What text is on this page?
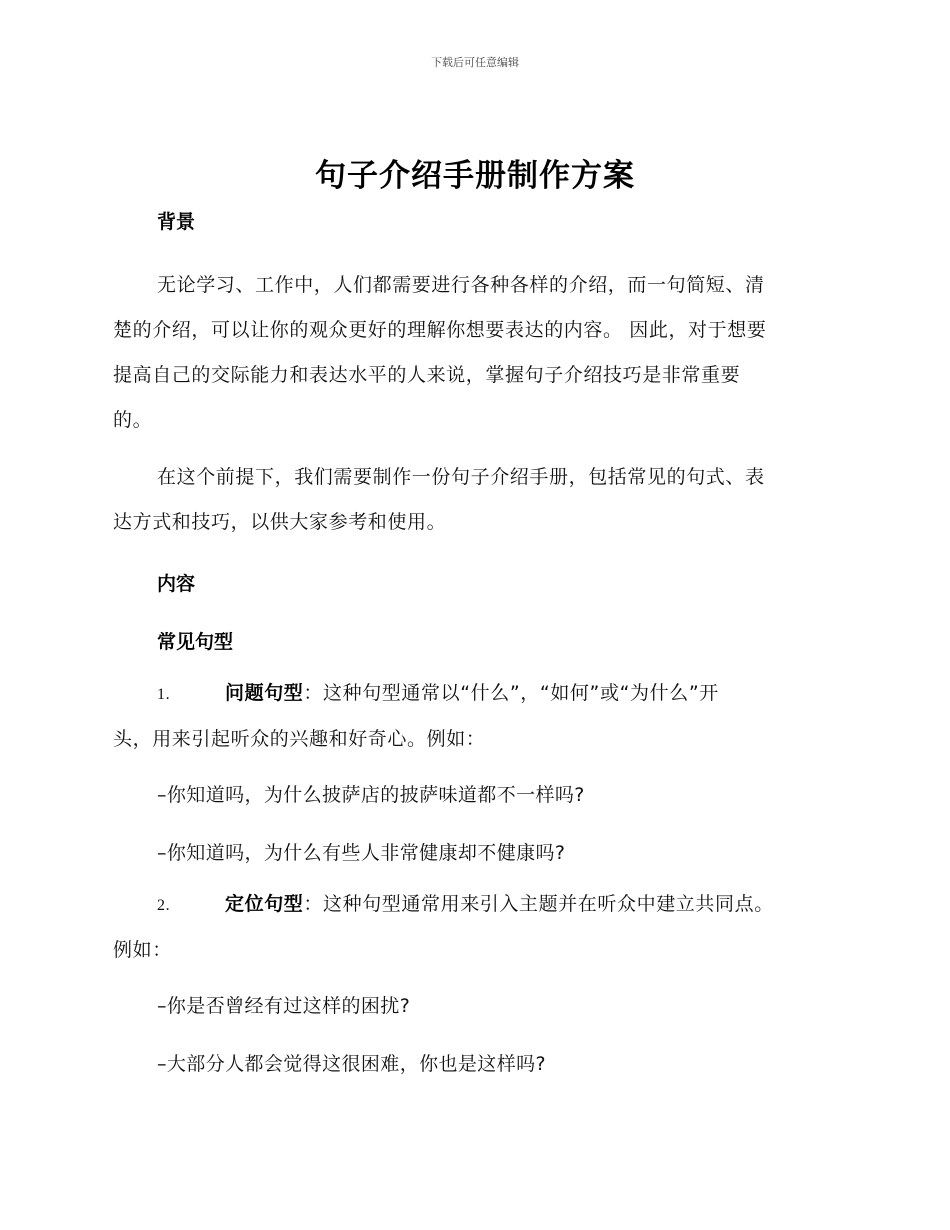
下载后可任意编辑
句子介绍手册制作方案
背景
无论学习、工作中，人们都需要进行各种各样的介绍，而一句简短、清
楚的介绍，可以让你的观众更好的理解你想要表达的内容。 因此，对于想要
提高自己的交际能力和表达水平的人来说，掌握句子介绍技巧是非常重要
的。
在这个前提下，我们需要制作一份句子介绍手册，包括常见的句式、表
达方式和技巧，以供大家参考和使用。
内容
常见句型
1.	问题句型：这种句型通常以“什么”，“如何”或“为什么”开
头，用来引起听众的兴趣和好奇心。例如：
–你知道吗，为什么披萨店的披萨味道都不一样吗?
–你知道吗，为什么有些人非常健康却不健康吗?
2.	定位句型：这种句型通常用来引入主题并在听众中建立共同点。
例如：
–你是否曾经有过这样的困扰?
–大部分人都会觉得这很困难，你也是这样吗?
